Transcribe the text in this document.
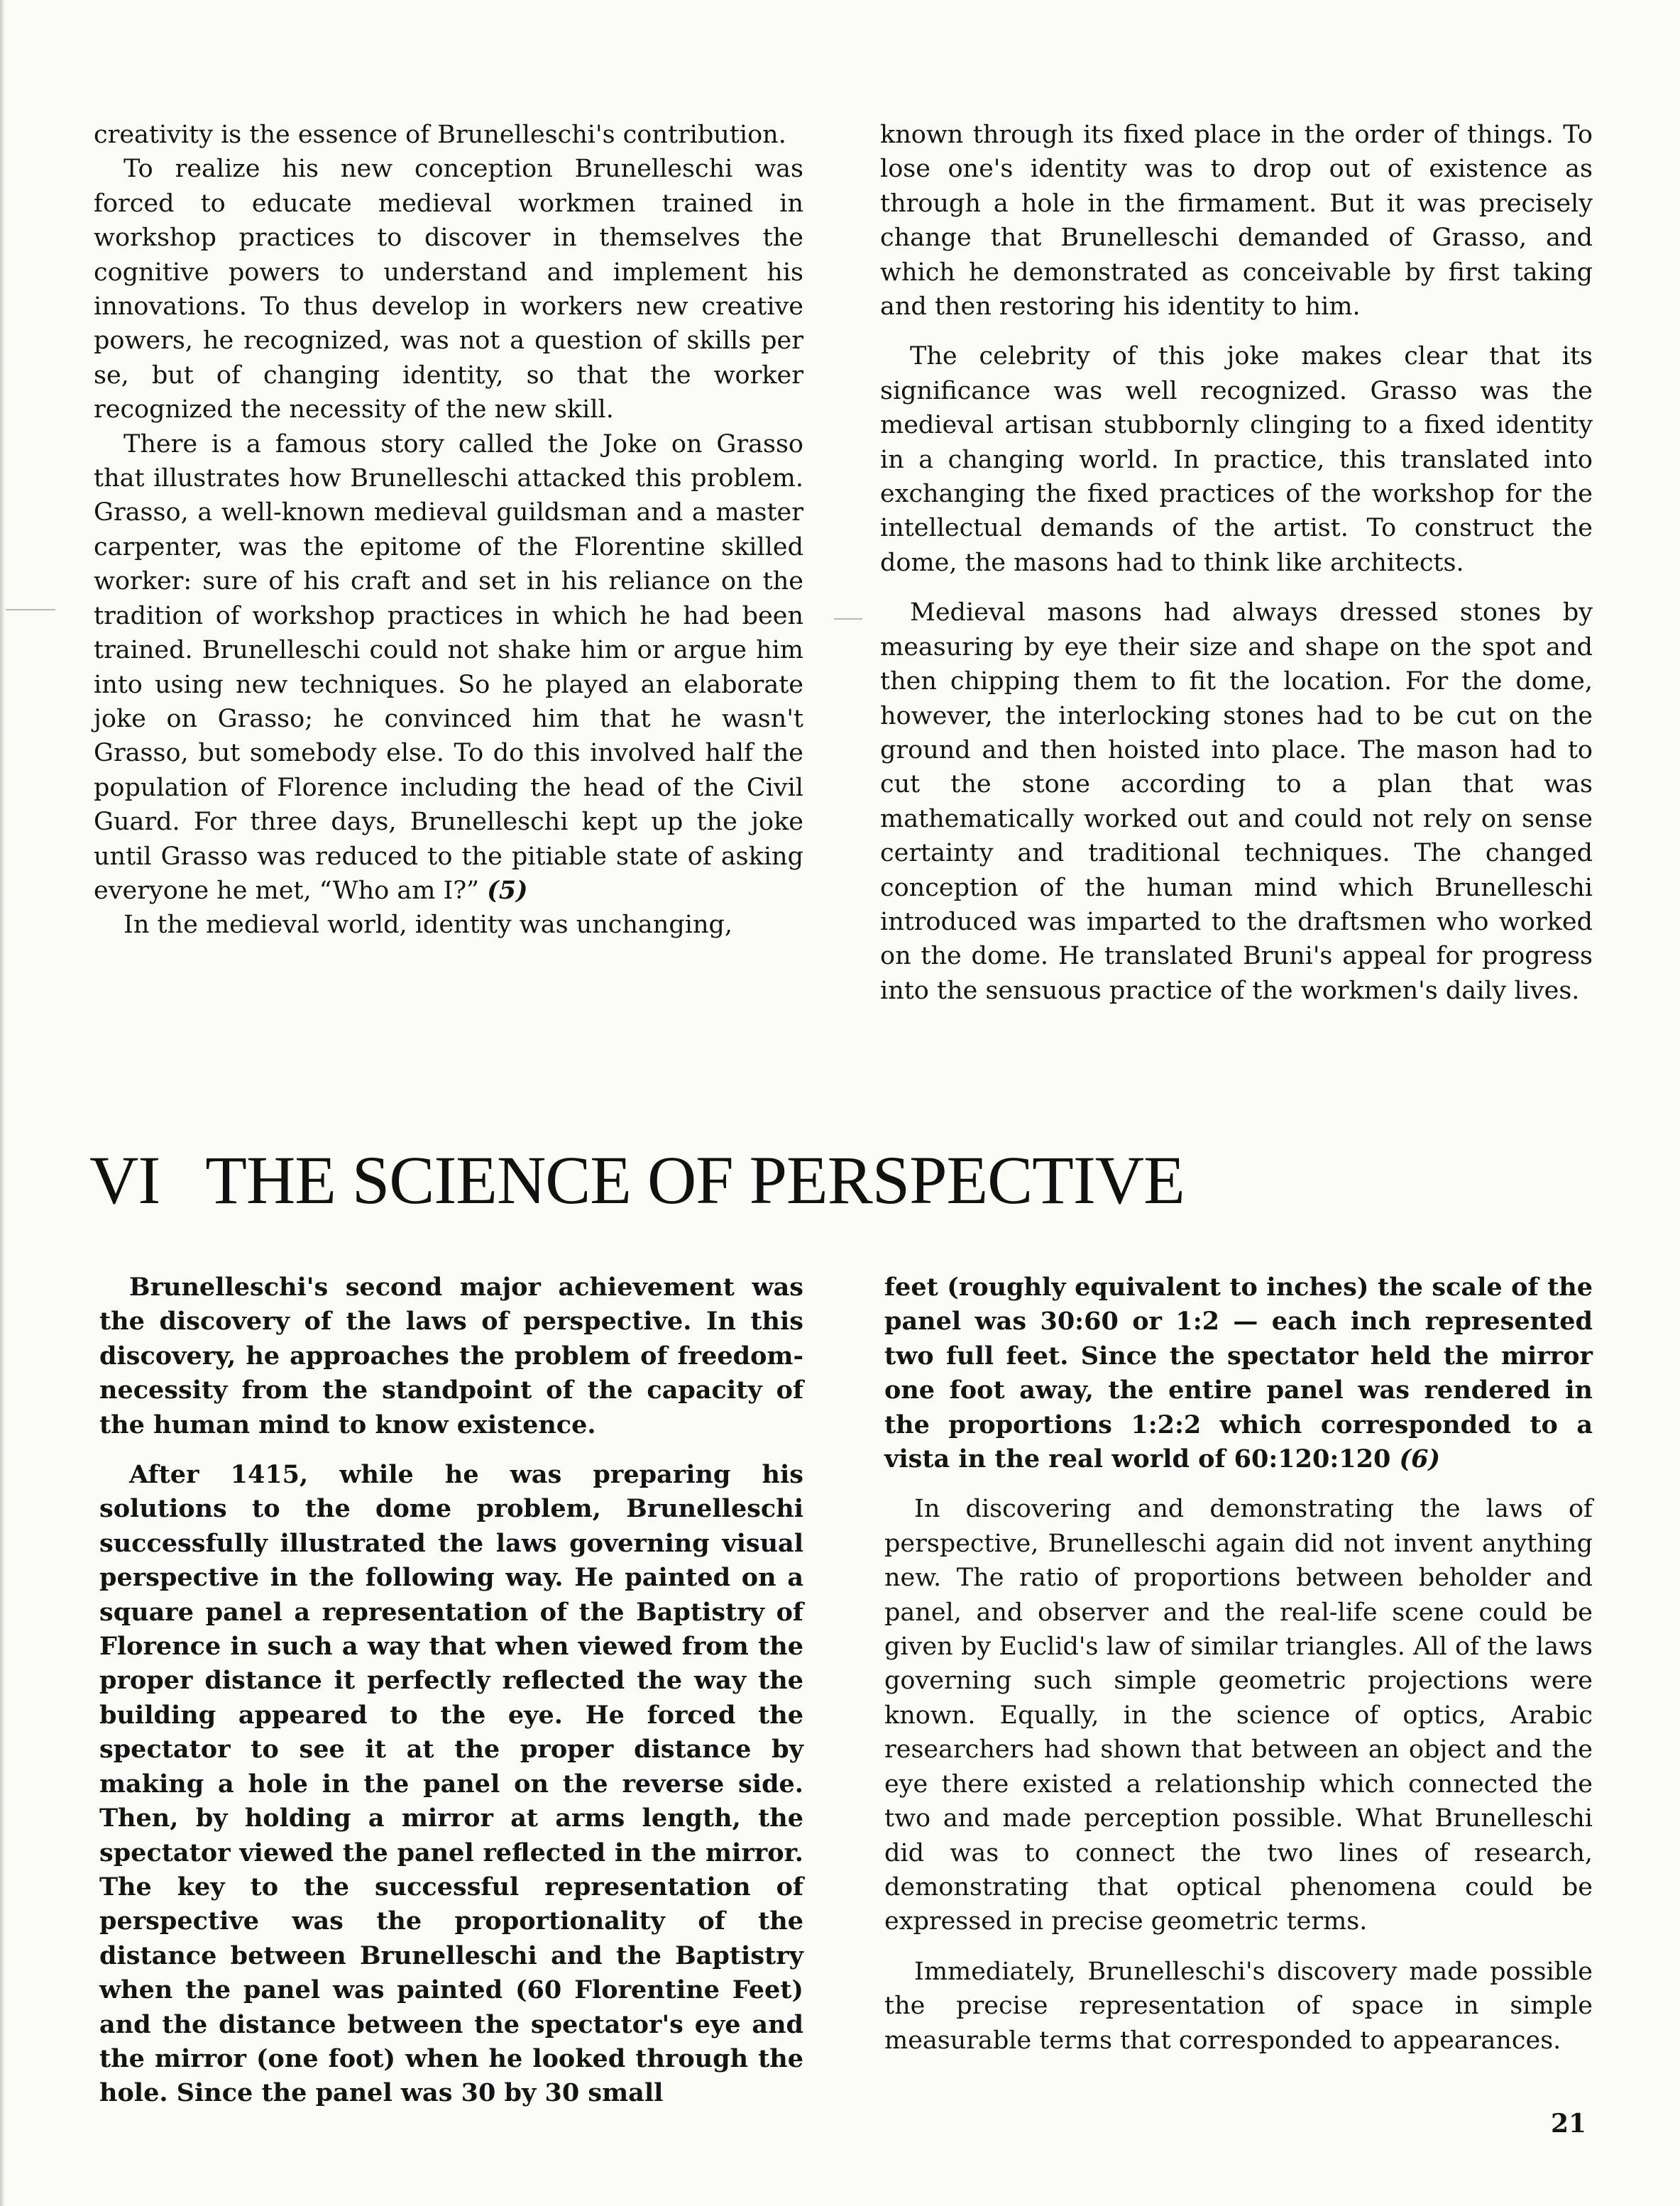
creativity is the essence of Brunelleschi's contribution.

To realize his new conception Brunelleschi was forced to educate medieval workmen trained in workshop practices to discover in themselves the cognitive powers to understand and implement his innovations. To thus develop in workers new creative powers, he recognized, was not a question of skills per se, but of changing identity, so that the worker recognized the necessity of the new skill.

There is a famous story called the Joke on Grasso that illustrates how Brunelleschi attacked this problem. Grasso, a well-known medieval guildsman and a master carpenter, was the epitome of the Florentine skilled worker: sure of his craft and set in his reliance on the tradition of workshop practices in which he had been trained. Brunelleschi could not shake him or argue him into using new techniques. So he played an elaborate joke on Grasso; he convinced him that he wasn't Grasso, but somebody else. To do this involved half the population of Florence including the head of the Civil Guard. For three days, Brunelleschi kept up the joke until Grasso was reduced to the pitiable state of asking everyone he met, “Who am I?” (5)

In the medieval world, identity was unchanging,

known through its fixed place in the order of things. To lose one's identity was to drop out of existence as through a hole in the firmament. But it was precisely change that Brunelleschi demanded of Grasso, and which he demonstrated as conceivable by first taking and then restoring his identity to him.

The celebrity of this joke makes clear that its significance was well recognized. Grasso was the medieval artisan stubbornly clinging to a fixed identity in a changing world. In practice, this translated into exchanging the fixed practices of the workshop for the intellectual demands of the artist. To construct the dome, the masons had to think like architects.

Medieval masons had always dressed stones by measuring by eye their size and shape on the spot and then chipping them to fit the location. For the dome, however, the interlocking stones had to be cut on the ground and then hoisted into place. The mason had to cut the stone according to a plan that was mathematically worked out and could not rely on sense certainty and traditional techniques. The changed conception of the human mind which Brunelleschi introduced was imparted to the draftsmen who worked on the dome. He translated Bruni's appeal for progress into the sensuous practice of the workmen's daily lives.

VI THE SCIENCE OF PERSPECTIVE

Brunelleschi's second major achievement was the discovery of the laws of perspective. In this discovery, he approaches the problem of freedom-necessity from the standpoint of the capacity of the human mind to know existence.

After 1415, while he was preparing his solutions to the dome problem, Brunelleschi successfully illustrated the laws governing visual perspective in the following way. He painted on a square panel a representation of the Baptistry of Florence in such a way that when viewed from the proper distance it perfectly reflected the way the building appeared to the eye. He forced the spectator to see it at the proper distance by making a hole in the panel on the reverse side. Then, by holding a mirror at arms length, the spectator viewed the panel reflected in the mirror. The key to the successful representation of perspective was the proportionality of the distance between Brunelleschi and the Baptistry when the panel was painted (60 Florentine Feet) and the distance between the spectator's eye and the mirror (one foot) when he looked through the hole. Since the panel was 30 by 30 small

feet (roughly equivalent to inches) the scale of the panel was 30:60 or 1:2 — each inch represented two full feet. Since the spectator held the mirror one foot away, the entire panel was rendered in the proportions 1:2:2 which corresponded to a vista in the real world of 60:120:120 (6)

In discovering and demonstrating the laws of perspective, Brunelleschi again did not invent anything new. The ratio of proportions between beholder and panel, and observer and the real-life scene could be given by Euclid's law of similar triangles. All of the laws governing such simple geometric projections were known. Equally, in the science of optics, Arabic researchers had shown that between an object and the eye there existed a relationship which connected the two and made perception possible. What Brunelleschi did was to connect the two lines of research, demonstrating that optical phenomena could be expressed in precise geometric terms.

Immediately, Brunelleschi's discovery made possible the precise representation of space in simple measurable terms that corresponded to appearances.

21
